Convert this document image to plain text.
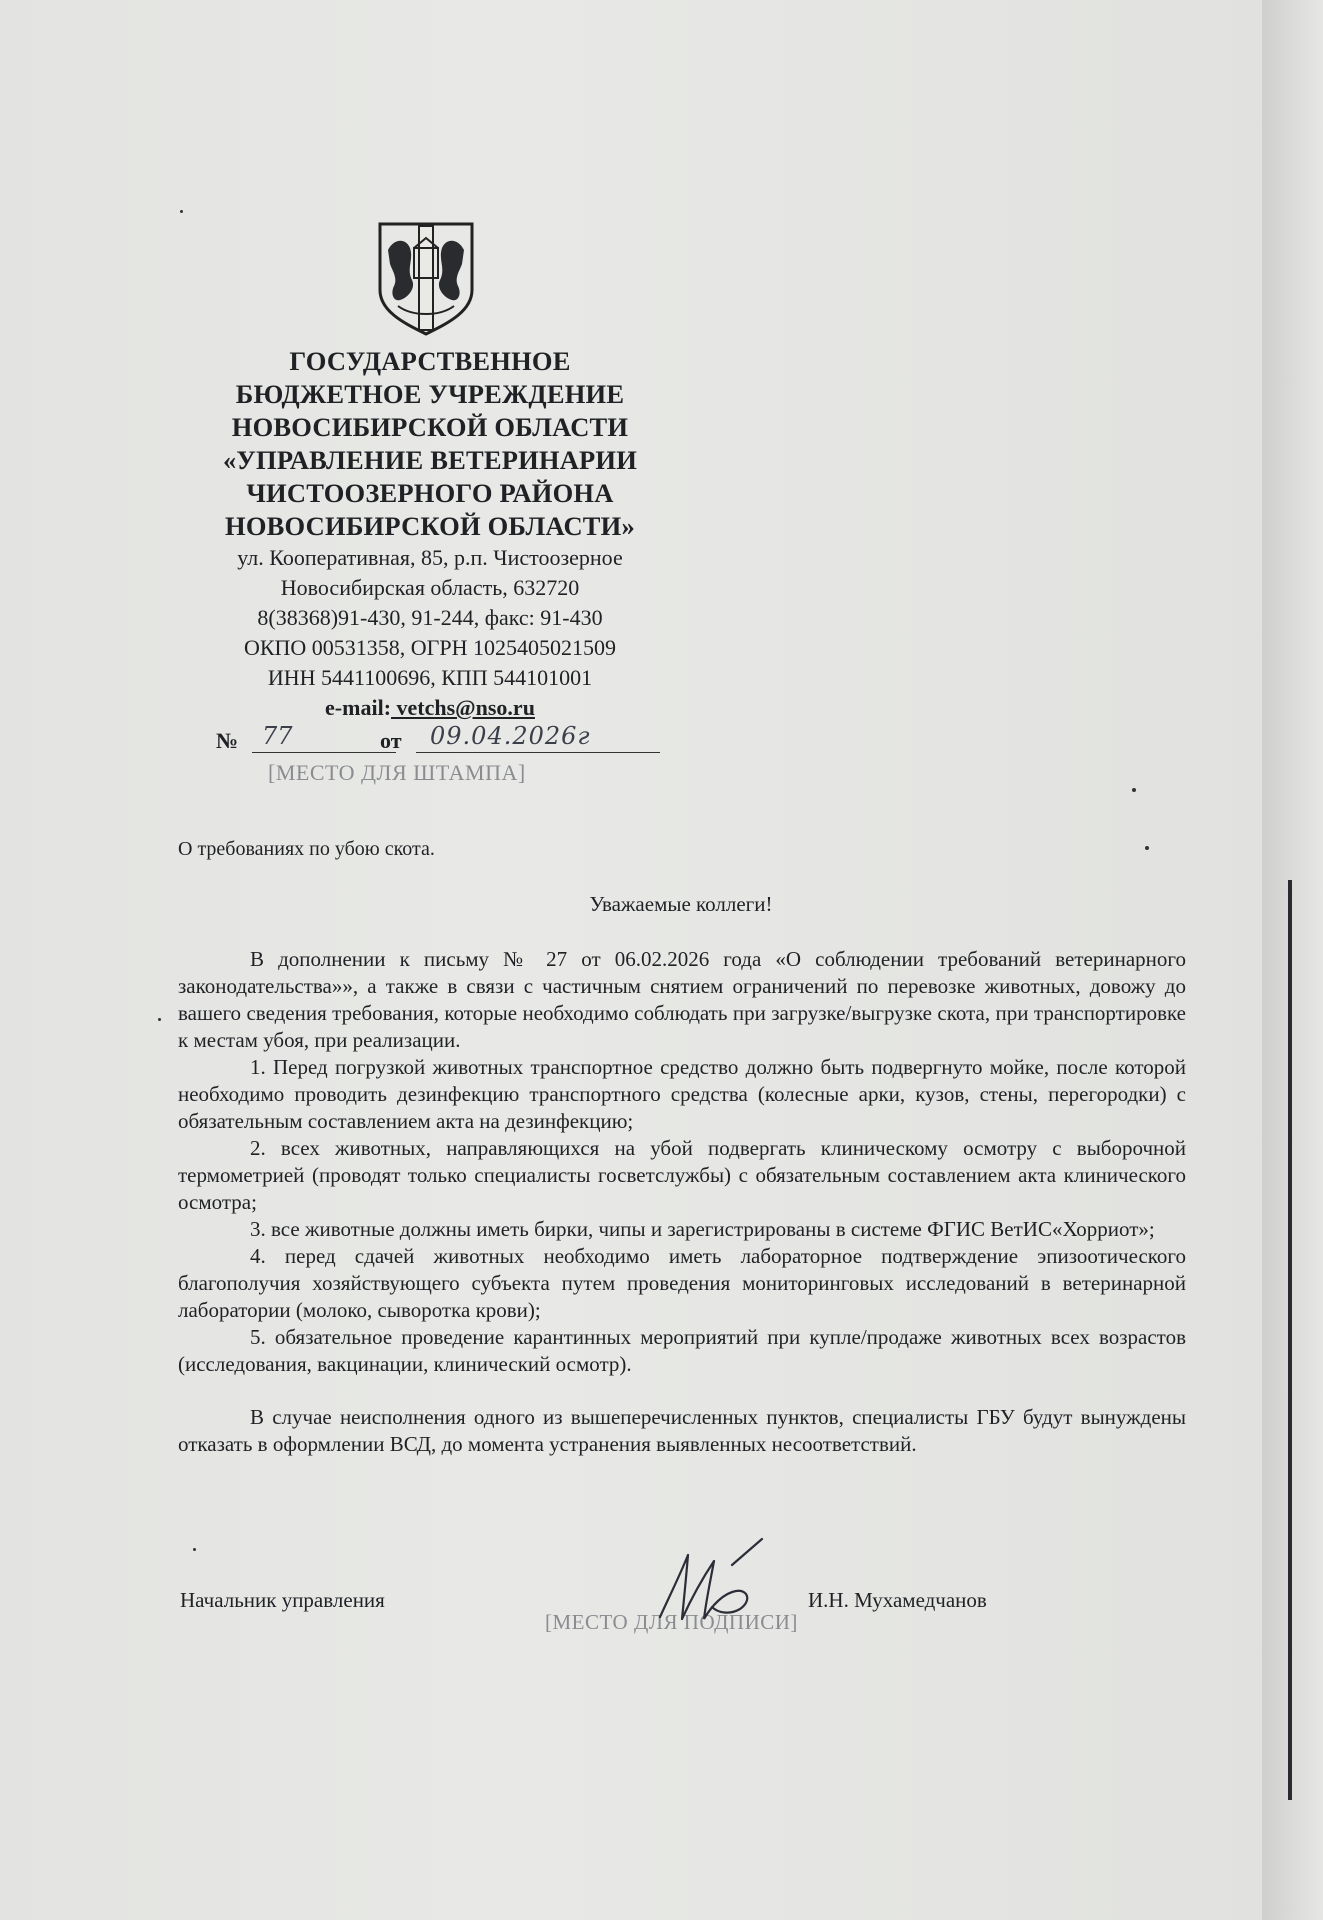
ГОСУДАРСТВЕННОЕ
БЮДЖЕТНОЕ УЧРЕЖДЕНИЕ
НОВОСИБИРСКОЙ ОБЛАСТИ
«УПРАВЛЕНИЕ ВЕТЕРИНАРИИ
ЧИСТООЗЕРНОГО РАЙОНА
НОВОСИБИРСКОЙ ОБЛАСТИ»
ул. Кооперативная, 85, р.п. Чистоозерное
Новосибирская область, 632720
8(38368)91-430, 91-244, факс: 91-430
ОКПО 00531358, ОГРН 1025405021509
ИНН 5441100696, КПП 544101001
e-mail: vetchs@nso.ru
№ 77	от	09.04.2026г
[МЕСТО ДЛЯ ШТАМПА]
О требованиях по убою скота.
Уважаемые коллеги!

В дополнении к письму № 27 от 06.02.2026 года «О соблюдении требований ветеринарного законодательства»», а также в связи с частичным снятием ограничений по перевозке животных, довожу до вашего сведения требования, которые необходимо соблюдать при загрузке/выгрузке скота, при транспортировке к местам убоя, при реализации.

1. Перед погрузкой животных транспортное средство должно быть подвергнуто мойке, после которой необходимо проводить дезинфекцию транспортного средства (колесные арки, кузов, стены, перегородки) с обязательным составлением акта на дезинфекцию;

2. всех животных, направляющихся на убой подвергать клиническому осмотру с выборочной термометрией (проводят только специалисты госветслужбы) с обязательным составлением акта клинического осмотра;

3. все животные должны иметь бирки, чипы и зарегистрированы в системе ФГИС ВетИС«Хорриот»;

4. перед сдачей животных необходимо иметь лабораторное подтверждение эпизоотического благополучия хозяйствующего субъекта путем проведения мониторинговых исследований в ветеринарной лаборатории (молоко, сыворотка крови);

5. обязательное проведение карантинных мероприятий при купле/продаже животных всех возрастов (исследования, вакцинации, клинический осмотр).

В случае неисполнения одного из вышеперечисленных пунктов, специалисты ГБУ будут вынуждены отказать в оформлении ВСД, до момента устранения выявленных несоответствий.

Начальник управления
[МЕСТО ДЛЯ ПОДПИСИ]
И.Н. Мухамедчанов
